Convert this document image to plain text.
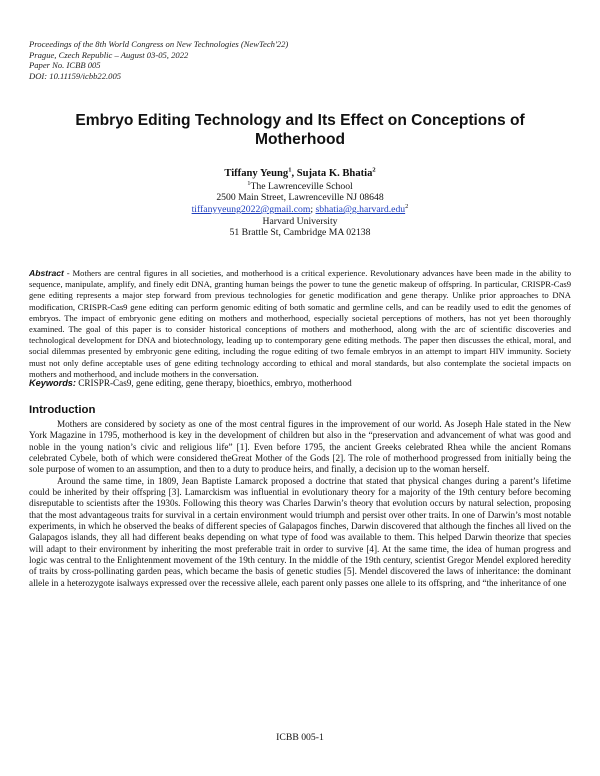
Proceedings of the 8th World Congress on New Technologies (NewTech'22)
Prague, Czech Republic – August 03-05, 2022
Paper No. ICBB 005
DOI: 10.11159/icbb22.005
Embryo Editing Technology and Its Effect on Conceptions of Motherhood
Tiffany Yeung$^1$, Sujata K. Bhatia$^2$
$^1$The Lawrenceville School
2500 Main Street, Lawrenceville NJ 08648
tiffanyyeung2022@gmail.com; sbhatia@g.harvard.edu$^2$
Harvard University
51 Brattle St, Cambridge MA 02138
Abstract - Mothers are central figures in all societies, and motherhood is a critical experience. Revolutionary advances have been made in the ability to sequence, manipulate, amplify, and finely edit DNA, granting human beings the power to tune the genetic makeup of offspring. In particular, CRISPR-Cas9 gene editing represents a major step forward from previous technologies for genetic modification and gene therapy. Unlike prior approaches to DNA modification, CRISPR-Cas9 gene editing can perform genomic editing of both somatic and germline cells, and can be readily used to edit the genomes of embryos. The impact of embryonic gene editing on mothers and motherhood, especially societal perceptions of mothers, has not yet been thoroughly examined. The goal of this paper is to consider historical conceptions of mothers and motherhood, along with the arc of scientific discoveries and technological development for DNA and biotechnology, leading up to contemporary gene editing methods. The paper then discusses the ethical, moral, and social dilemmas presented by embryonic gene editing, including the rogue editing of two female embryos in an attempt to impart HIV immunity. Society must not only define acceptable uses of gene editing technology according to ethical and moral standards, but also contemplate the societal impacts on mothers and motherhood, and include mothers in the conversation.
Keywords: CRISPR-Cas9, gene editing, gene therapy, bioethics, embryo, motherhood
Introduction

Mothers are considered by society as one of the most central figures in the improvement of our world. As Joseph Hale stated in the New York Magazine in 1795, motherhood is key in the development of children but also in the “preservation and advancement of what was good and noble in the young nation’s civic and religious life” [1]. Even before 1795, the ancient Greeks celebrated Rhea while the ancient Romans celebrated Cybele, both of which were considered theGreat Mother of the Gods [2]. The role of motherhood progressed from initially being the sole purpose of women to an assumption, and then to a duty to produce heirs, and finally, a decision up to the woman herself.

Around the same time, in 1809, Jean Baptiste Lamarck proposed a doctrine that stated that physical changes during a parent’s lifetime could be inherited by their offspring [3]. Lamarckism was influential in evolutionary theory for a majority of the 19th century before becoming disreputable to scientists after the 1930s. Following this theory was Charles Darwin’s theory that evolution occurs by natural selection, proposing that the most advantageous traits for survival in a certain environment would triumph and persist over other traits. In one of Darwin’s most notable experiments, in which he observed the beaks of different species of Galapagos finches, Darwin discovered that although the finches all lived on the Galapagos islands, they all had different beaks depending on what type of food was available to them. This helped Darwin theorize that species will adapt to their environment by inheriting the most preferable trait in order to survive [4]. At the same time, the idea of human progress and logic was central to the Enlightenment movement of the 19th century. In the middle of the 19th century, scientist Gregor Mendel explored heredity of traits by cross-pollinating garden peas, which became the basis of genetic studies [5]. Mendel discovered the laws of inheritance: the dominant allele in a heterozygote isalways expressed over the recessive allele, each parent only passes one allele to its offspring, and “the inheritance of one

ICBB 005-1
